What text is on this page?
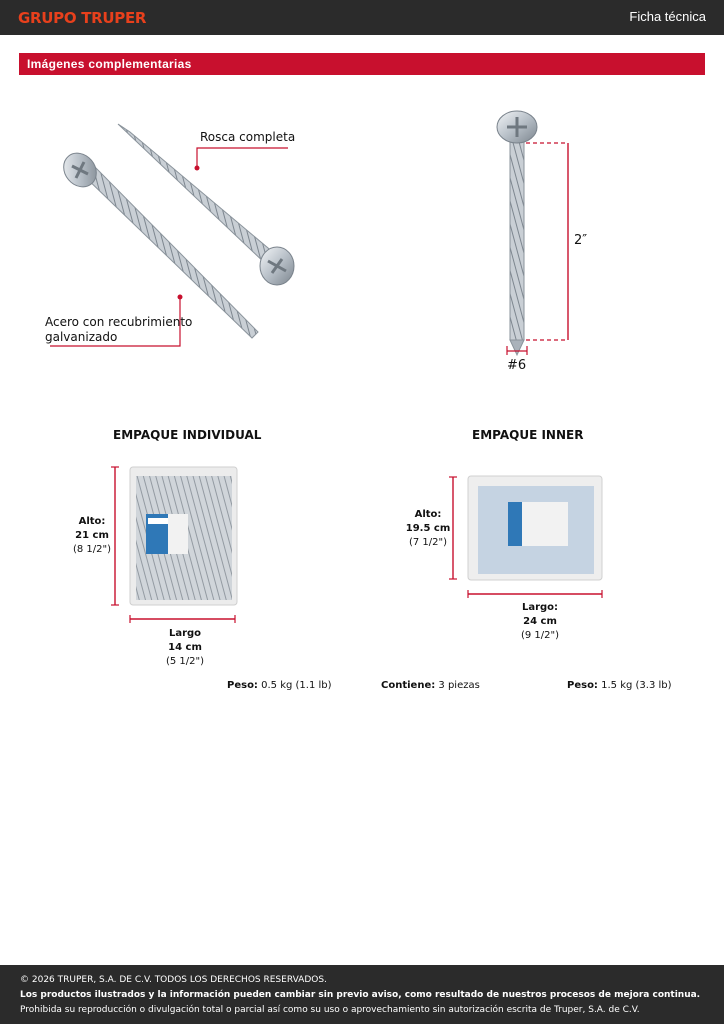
GRUPO TRUPER	Ficha técnica
Imágenes complementarias
Rosca completa
Acero con recubrimiento
galvanizado
2″
#6
EMPAQUE INDIVIDUAL
Alto:
21 cm
(8 1/2")
Largo
14 cm
(5 1/2")
Peso: 0.5 kg (1.1 lb)
EMPAQUE INNER
Alto:
19.5 cm
(7 1/2")
Largo:
24 cm
(9 1/2")
Contiene: 3 piezas	Peso: 1.5 kg (3.3 lb)
© 2026 TRUPER, S.A. DE C.V. TODOS LOS DERECHOS RESERVADOS.
Los productos ilustrados y la información pueden cambiar sin previo aviso, como resultado de nuestros procesos de mejora continua.
Prohibida su reproducción o divulgación total o parcial así como su uso o aprovechamiento sin autorización escrita de Truper, S.A. de C.V.
